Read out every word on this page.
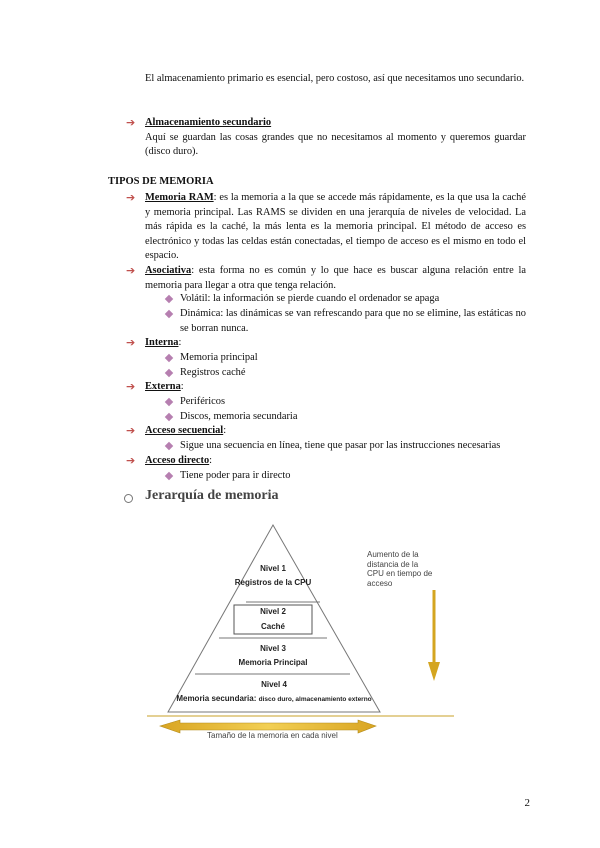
El almacenamiento primario es esencial, pero costoso, así que necesitamos uno secundario.
➔ Almacenamiento secundario
Aquí se guardan las cosas grandes que no necesitamos al momento y queremos guardar (disco duro).
TIPOS DE MEMORIA
➔ Memoria RAM: es la memoria a la que se accede más rápidamente, es la que usa la caché y memoria principal. Las RAMS se dividen en una jerarquía de niveles de velocidad. La más rápida es la caché, la más lenta es la memoria principal. El método de acceso es electrónico y todas las celdas están conectadas, el tiempo de acceso es el mismo en todo el espacio.
➔ Asociativa: esta forma no es común y lo que hace es buscar alguna relación entre la memoria para llegar a otra que tenga relación.
Volátil: la información se pierde cuando el ordenador se apaga
Dinámica: las dinámicas se van refrescando para que no se elimine, las estáticas no se borran nunca.
➔ Interna:
Memoria principal
Registros caché
➔ Externa:
Periféricos
Discos, memoria secundaria
➔ Acceso secuencial:
Sigue una secuencia en línea, tiene que pasar por las instrucciones necesarias
➔ Acceso directo:
Tiene poder para ir directo
Jerarquía de memoria
Nivel 1
Registros de la CPU
Nivel 2
Caché
Nivel 3
Memoria Principal
Nivel 4
Memoria secundaria: disco duro, almacenamiento externo
Aumento de la distancia de la CPU en tiempo de acceso
Tamaño de la memoria en cada nivel
2
